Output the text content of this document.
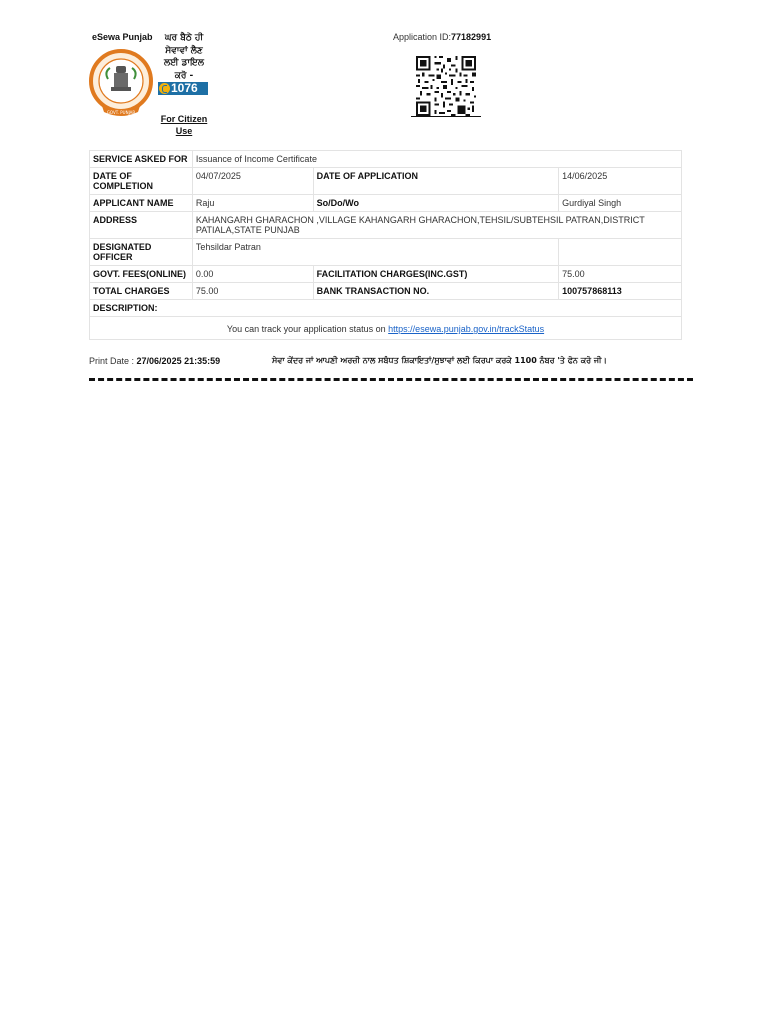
eSewa Punjab
GOVT. PUNJAB
ਘਰ ਬੈਠੇ ਹੀ ਸੇਵਾਵਾਂ ਲੈਣ ਲਈ ਡਾਇਲ ਕਰੋ -
1076
For Citizen Use
Application ID:77182991
SERVICE ASKED FOR	Issuance of Income Certificate		
DATE OF COMPLETION	04/07/2025	DATE OF APPLICATION	14/06/2025
APPLICANT NAME	Raju	So/Do/Wo	Gurdiyal Singh
ADDRESS	KAHANGARH GHARACHON ,VILLAGE KAHANGARH GHARACHON,TEHSIL/SUBTEHSIL PATRAN,DISTRICT PATIALA,STATE PUNJAB		
DESIGNATED OFFICER	Tehsildar Patran		
GOVT. FEES(ONLINE)	0.00	FACILITATION CHARGES(INC.GST)	75.00
TOTAL CHARGES	75.00	BANK TRANSACTION NO.	100757868113
DESCRIPTION:			
You can track your application status on https://esewa.punjab.gov.in/trackStatus			
Print Date : 27/06/2025 21:35:59	ਸੇਵਾ ਕੇਂਦਰ ਜਾਂ ਆਪਣੀ ਅਰਜ਼ੀ ਨਾਲ ਸਬੰਧਤ ਸ਼ਿਕਾਇਤਾਂ/ਸੁਝਾਵਾਂ ਲਈ ਕਿਰਪਾ ਕਰਕੇ 1100 ਨੰਬਰ 'ਤੇ ਫੋਨ ਕਰੋ ਜੀ।
